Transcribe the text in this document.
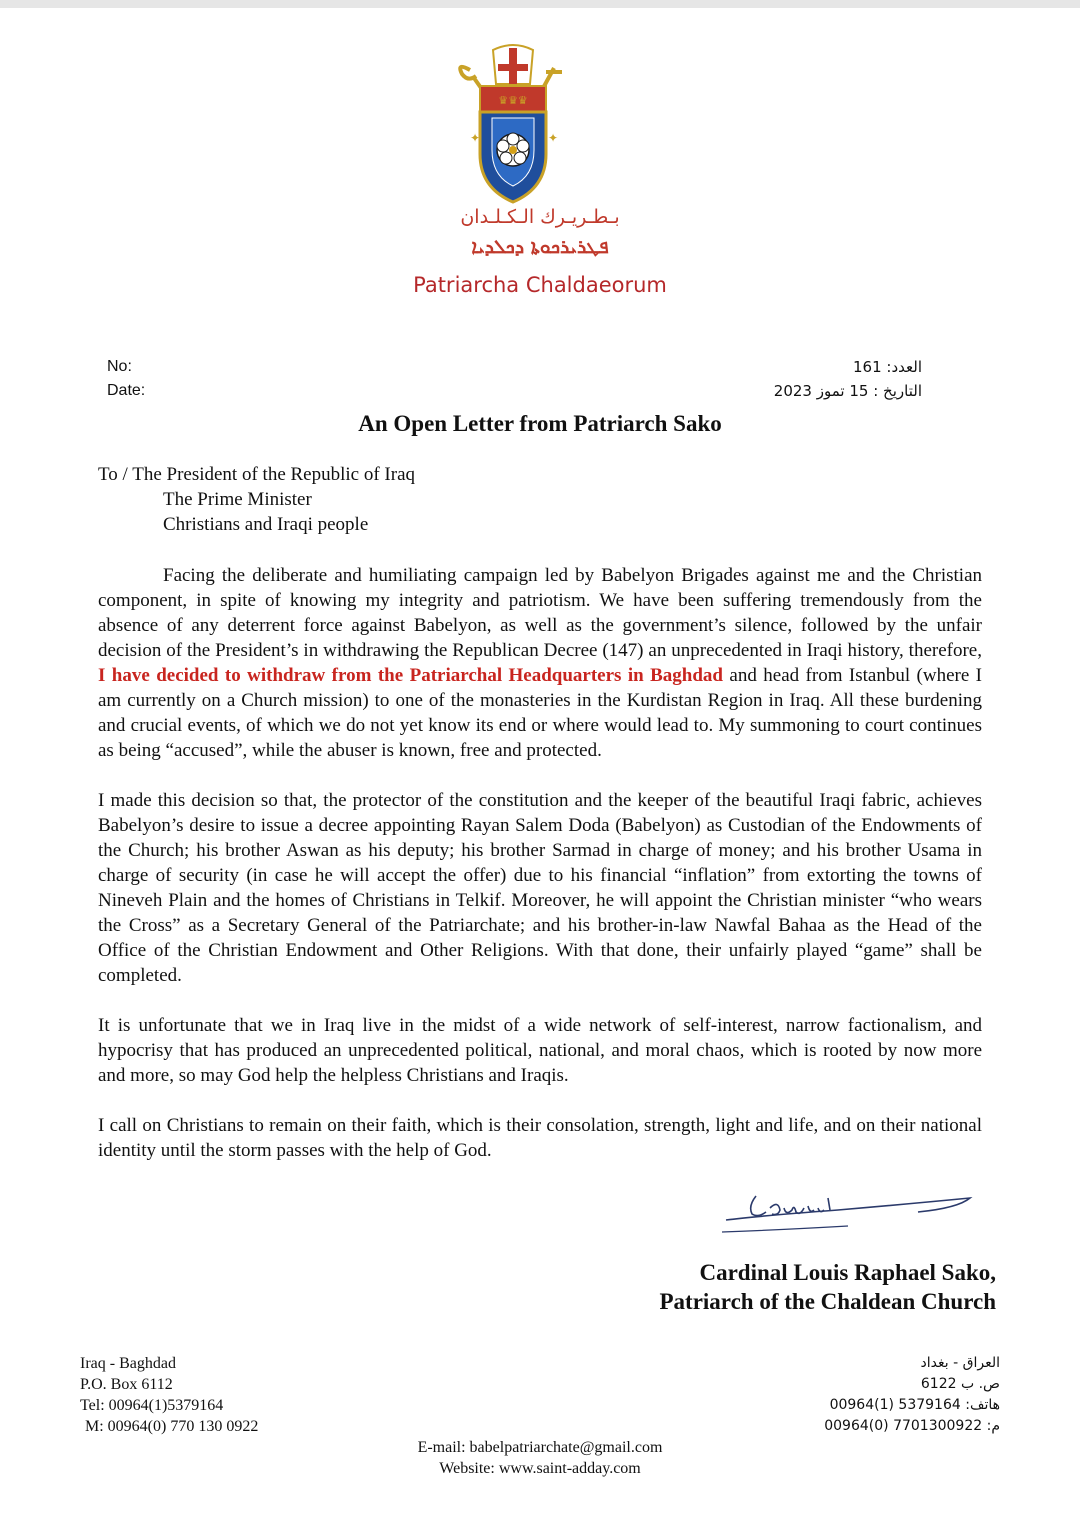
♛♛♛
✦	✦
بـطـريـرك الـكـلـدان
ܦܛܪܝܪܟܘܬܐ ܕܟܠܕܝܐ
Patriarcha Chaldaeorum
No:
Date:
العدد: 161
التاريخ : 15 تموز 2023
An Open Letter from Patriarch Sako
To / The President of the Republic of Iraq
The Prime Minister
Christians and Iraqi people

Facing the deliberate and humiliating campaign led by Babelyon Brigades against me and the Christian component, in spite of knowing my integrity and patriotism. We have been suffering tremendously from the absence of any deterrent force against Babelyon, as well as the government’s silence, followed by the unfair decision of the President’s in withdrawing the Republican Decree (147) an unprecedented in Iraqi history, therefore, I have decided to withdraw from the Patriarchal Headquarters in Baghdad and head from Istanbul (where I am currently on a Church mission) to one of the monasteries in the Kurdistan Region in Iraq. All these burdening and crucial events, of which we do not yet know its end or where would lead to. My summoning to court continues as being “accused”, while the abuser is known, free and protected.

I made this decision so that, the protector of the constitution and the keeper of the beautiful Iraqi fabric, achieves Babelyon’s desire to issue a decree appointing Rayan Salem Doda (Babelyon) as Custodian of the Endowments of the Church; his brother Aswan as his deputy; his brother Sarmad in charge of money; and his brother Usama in charge of security (in case he will accept the offer) due to his financial “inflation” from extorting the towns of Nineveh Plain and the homes of Christians in Telkif. Moreover, he will appoint the Christian minister “who wears the Cross” as a Secretary General of the Patriarchate; and his brother-in-law Nawfal Bahaa as the Head of the Office of the Christian Endowment and Other Religions. With that done, their unfairly played “game” shall be completed.

It is unfortunate that we in Iraq live in the midst of a wide network of self-interest, narrow factionalism, and hypocrisy that has produced an unprecedented political, national, and moral chaos, which is rooted by now more and more, so may God help the helpless Christians and Iraqis.

I call on Christians to remain on their faith, which is their consolation, strength, light and life, and on their national identity until the storm passes with the help of God.

Cardinal Louis Raphael Sako,
Patriarch of the Chaldean Church
Iraq - Baghdad
P.O. Box 6112
Tel: 00964(1)5379164
M: 00964(0) 770 130 0922
العراق - بغداد
ص. ب 6122
هاتف: 5379164 (1)00964
م: 7701300922 (0)00964
E-mail: babelpatriarchate@gmail.com
Website: www.saint-adday.com
